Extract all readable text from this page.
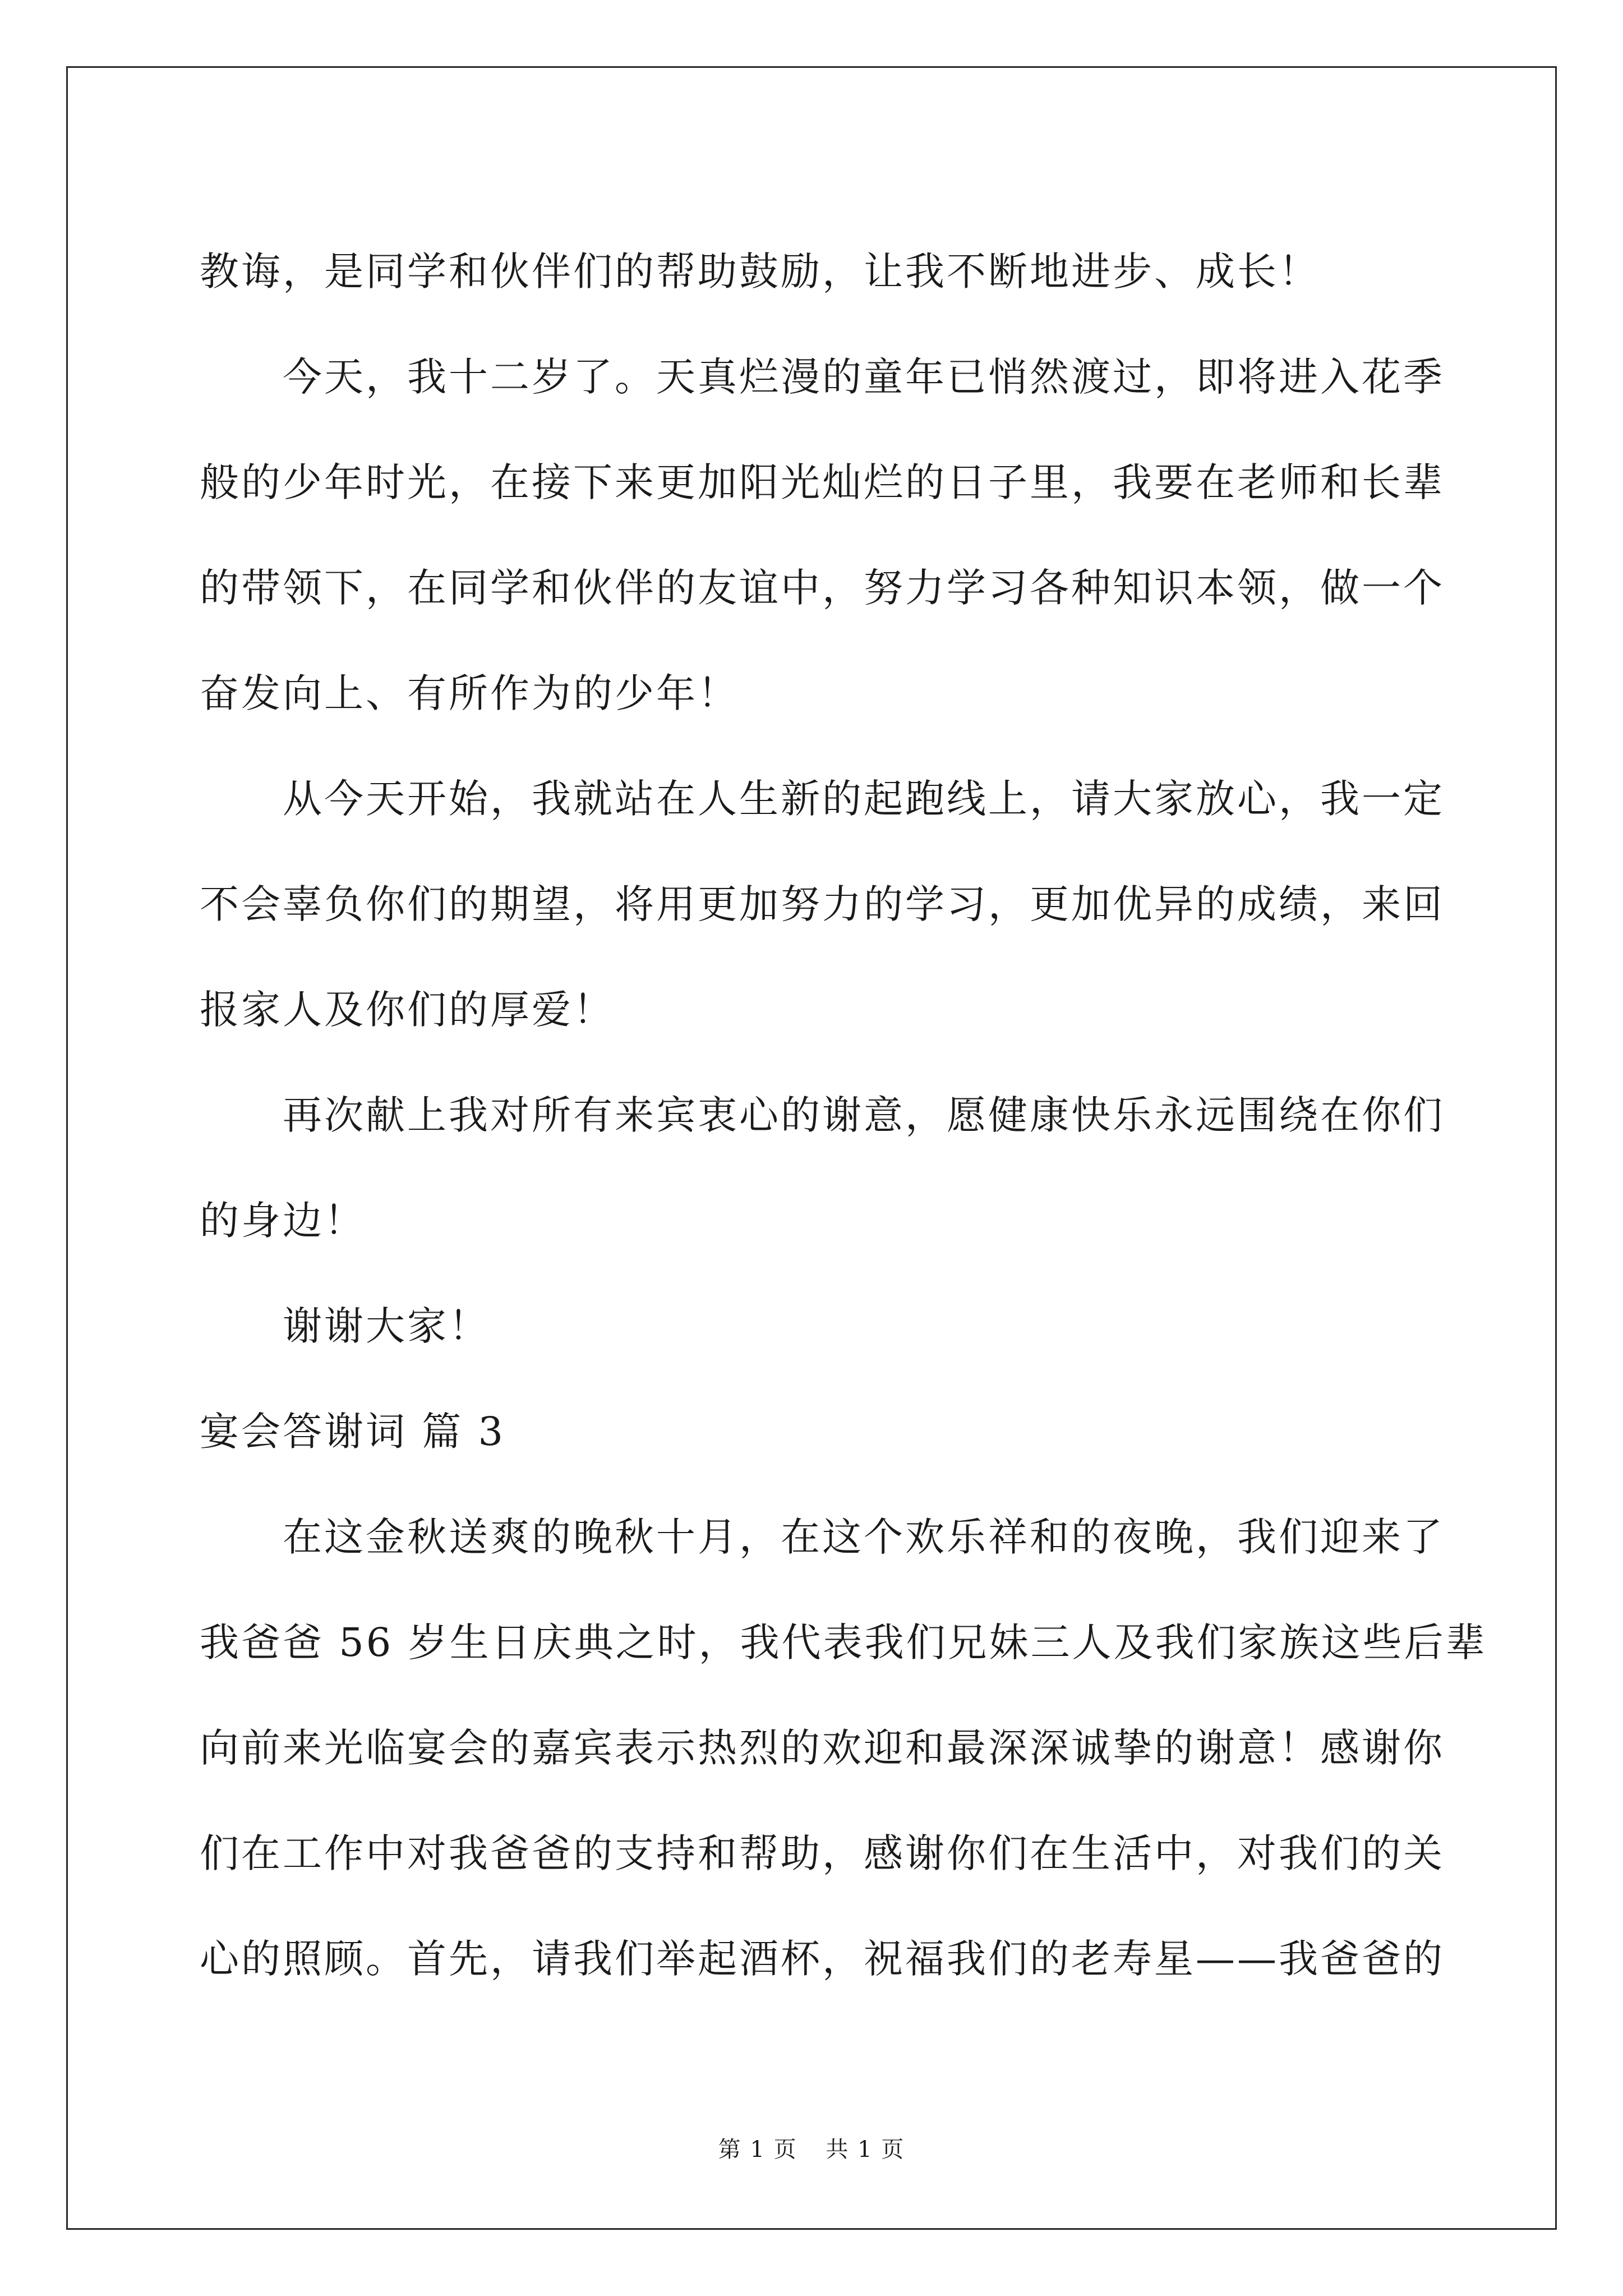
教诲，是同学和伙伴们的帮助鼓励，让我不断地进步、成长！
今天，我十二岁了。天真烂漫的童年已悄然渡过，即将进入花季
般的少年时光，在接下来更加阳光灿烂的日子里，我要在老师和长辈
的带领下，在同学和伙伴的友谊中，努力学习各种知识本领，做一个
奋发向上、有所作为的少年！
从今天开始，我就站在人生新的起跑线上，请大家放心，我一定
不会辜负你们的期望，将用更加努力的学习，更加优异的成绩，来回
报家人及你们的厚爱！
再次献上我对所有来宾衷心的谢意，愿健康快乐永远围绕在你们
的身边！
谢谢大家！
宴会答谢词 篇 3
在这金秋送爽的晚秋十月，在这个欢乐祥和的夜晚，我们迎来了
我爸爸 56 岁生日庆典之时，我代表我们兄妹三人及我们家族这些后辈
向前来光临宴会的嘉宾表示热烈的欢迎和最深深诚挚的谢意！感谢你
们在工作中对我爸爸的支持和帮助，感谢你们在生活中，对我们的关
心的照顾。首先，请我们举起酒杯，祝福我们的老寿星——我爸爸的
第 1 页 共 1 页
